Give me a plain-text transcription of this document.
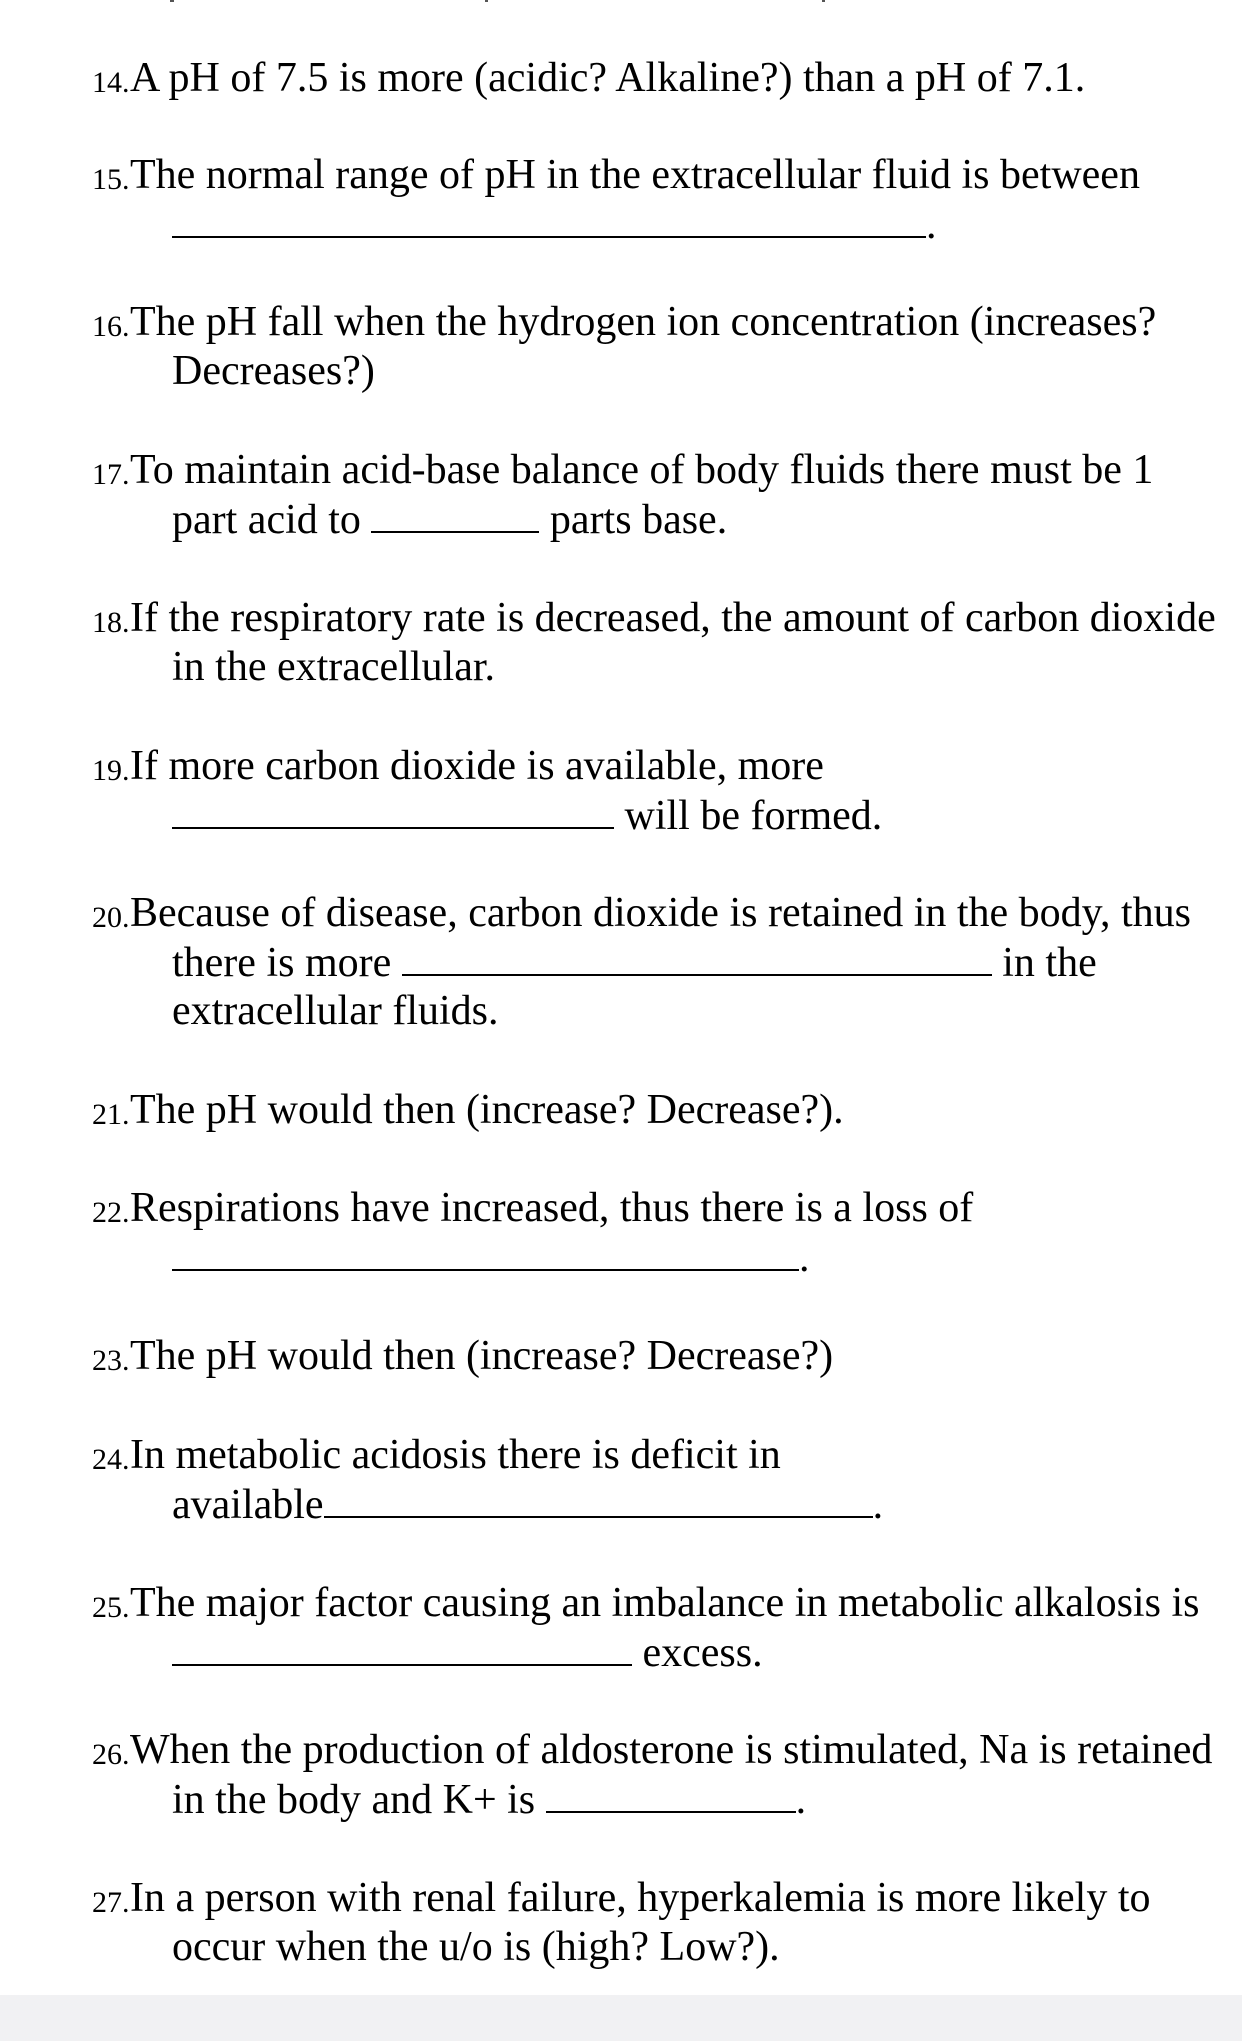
14. A pH of 7.5 is more (acidic? Alkaline?) than a pH of 7.1.
15. The normal range of pH in the extracellular fluid is between
.
16. The pH fall when the hydrogen ion concentration (increases?
Decreases?)
17. To maintain acid-base balance of body fluids there must be 1
part acid to	parts base.
18. If the respiratory rate is decreased, the amount of carbon dioxide
in the extracellular.
19. If more carbon dioxide is available, more
will be formed.
20. Because of disease, carbon dioxide is retained in the body, thus
there is more	in the
extracellular fluids.
21. The pH would then (increase? Decrease?).
22. Respirations have increased, thus there is a loss of
.
23. The pH would then (increase? Decrease?)
24. In metabolic acidosis there is deficit in
available	.
25. The major factor causing an imbalance in metabolic alkalosis is
excess.
26. When the production of aldosterone is stimulated, Na is retained
in the body and K+ is	.
27. In a person with renal failure, hyperkalemia is more likely to
occur when the u/o is (high? Low?).
